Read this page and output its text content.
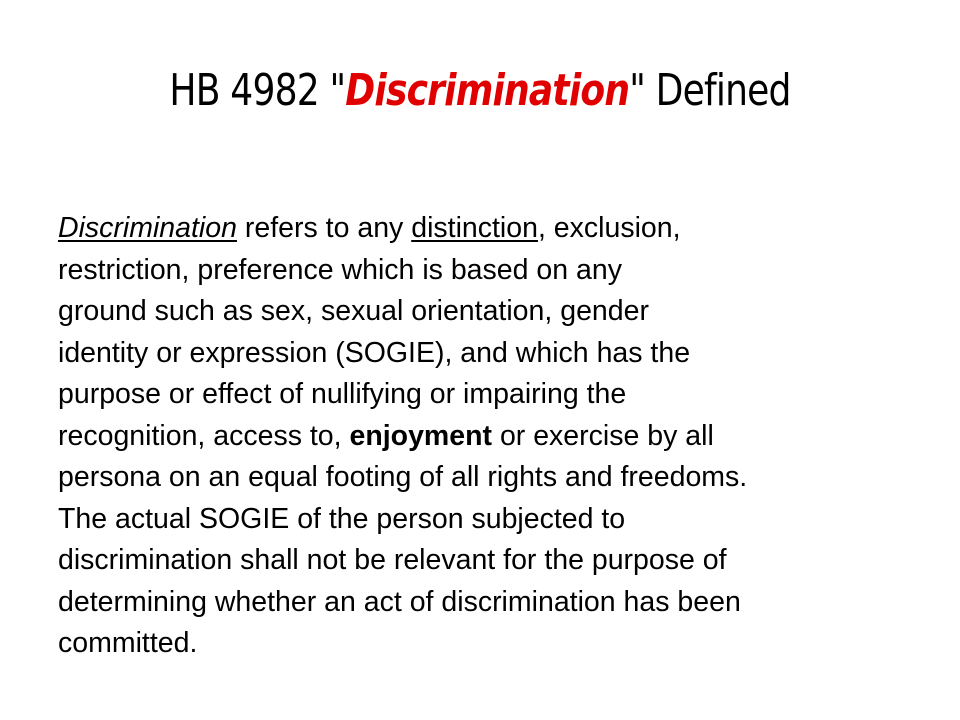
HB 4982 "Discrimination" Defined
Discrimination refers to any distinction, exclusion,
restriction, preference which is based on any
ground such as sex, sexual orientation, gender
identity or expression (SOGIE), and which has the
purpose or effect of nullifying or impairing the
recognition, access to, enjoyment or exercise by all
persona on an equal footing of all rights and freedoms.
The actual SOGIE of the person subjected to
discrimination shall not be relevant for the purpose of
determining whether an act of discrimination has been
committed.
